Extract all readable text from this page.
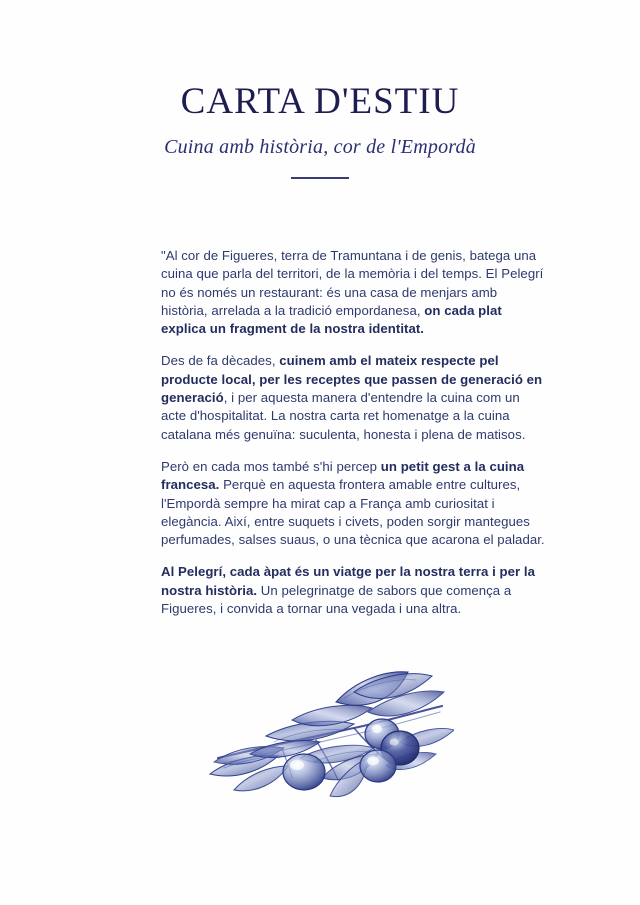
CARTA D'ESTIU

Cuina amb història, cor de l'Empordà

"Al cor de Figueres, terra de Tramuntana i de genis, batega una cuina que parla del territori, de la memòria i del temps. El Pelegrí no és només un restaurant: és una casa de menjars amb història, arrelada a la tradició empordanesa, on cada plat explica un fragment de la nostra identitat.

Des de fa dècades, cuinem amb el mateix respecte pel producte local, per les receptes que passen de generació en generació, i per aquesta manera d'entendre la cuina com un acte d'hospitalitat. La nostra carta ret homenatge a la cuina catalana més genuïna: suculenta, honesta i plena de matisos.

Però en cada mos també s'hi percep un petit gest a la cuina francesa. Perquè en aquesta frontera amable entre cultures, l'Empordà sempre ha mirat cap a França amb curiositat i elegància. Així, entre suquets i civets, poden sorgir mantegues perfumades, salses suaus, o una tècnica que acarona el paladar.

Al Pelegrí, cada àpat és un viatge per la nostra terra i per la nostra història. Un pelegrinatge de sabors que comença a Figueres, i convida a tornar una vegada i una altra.
